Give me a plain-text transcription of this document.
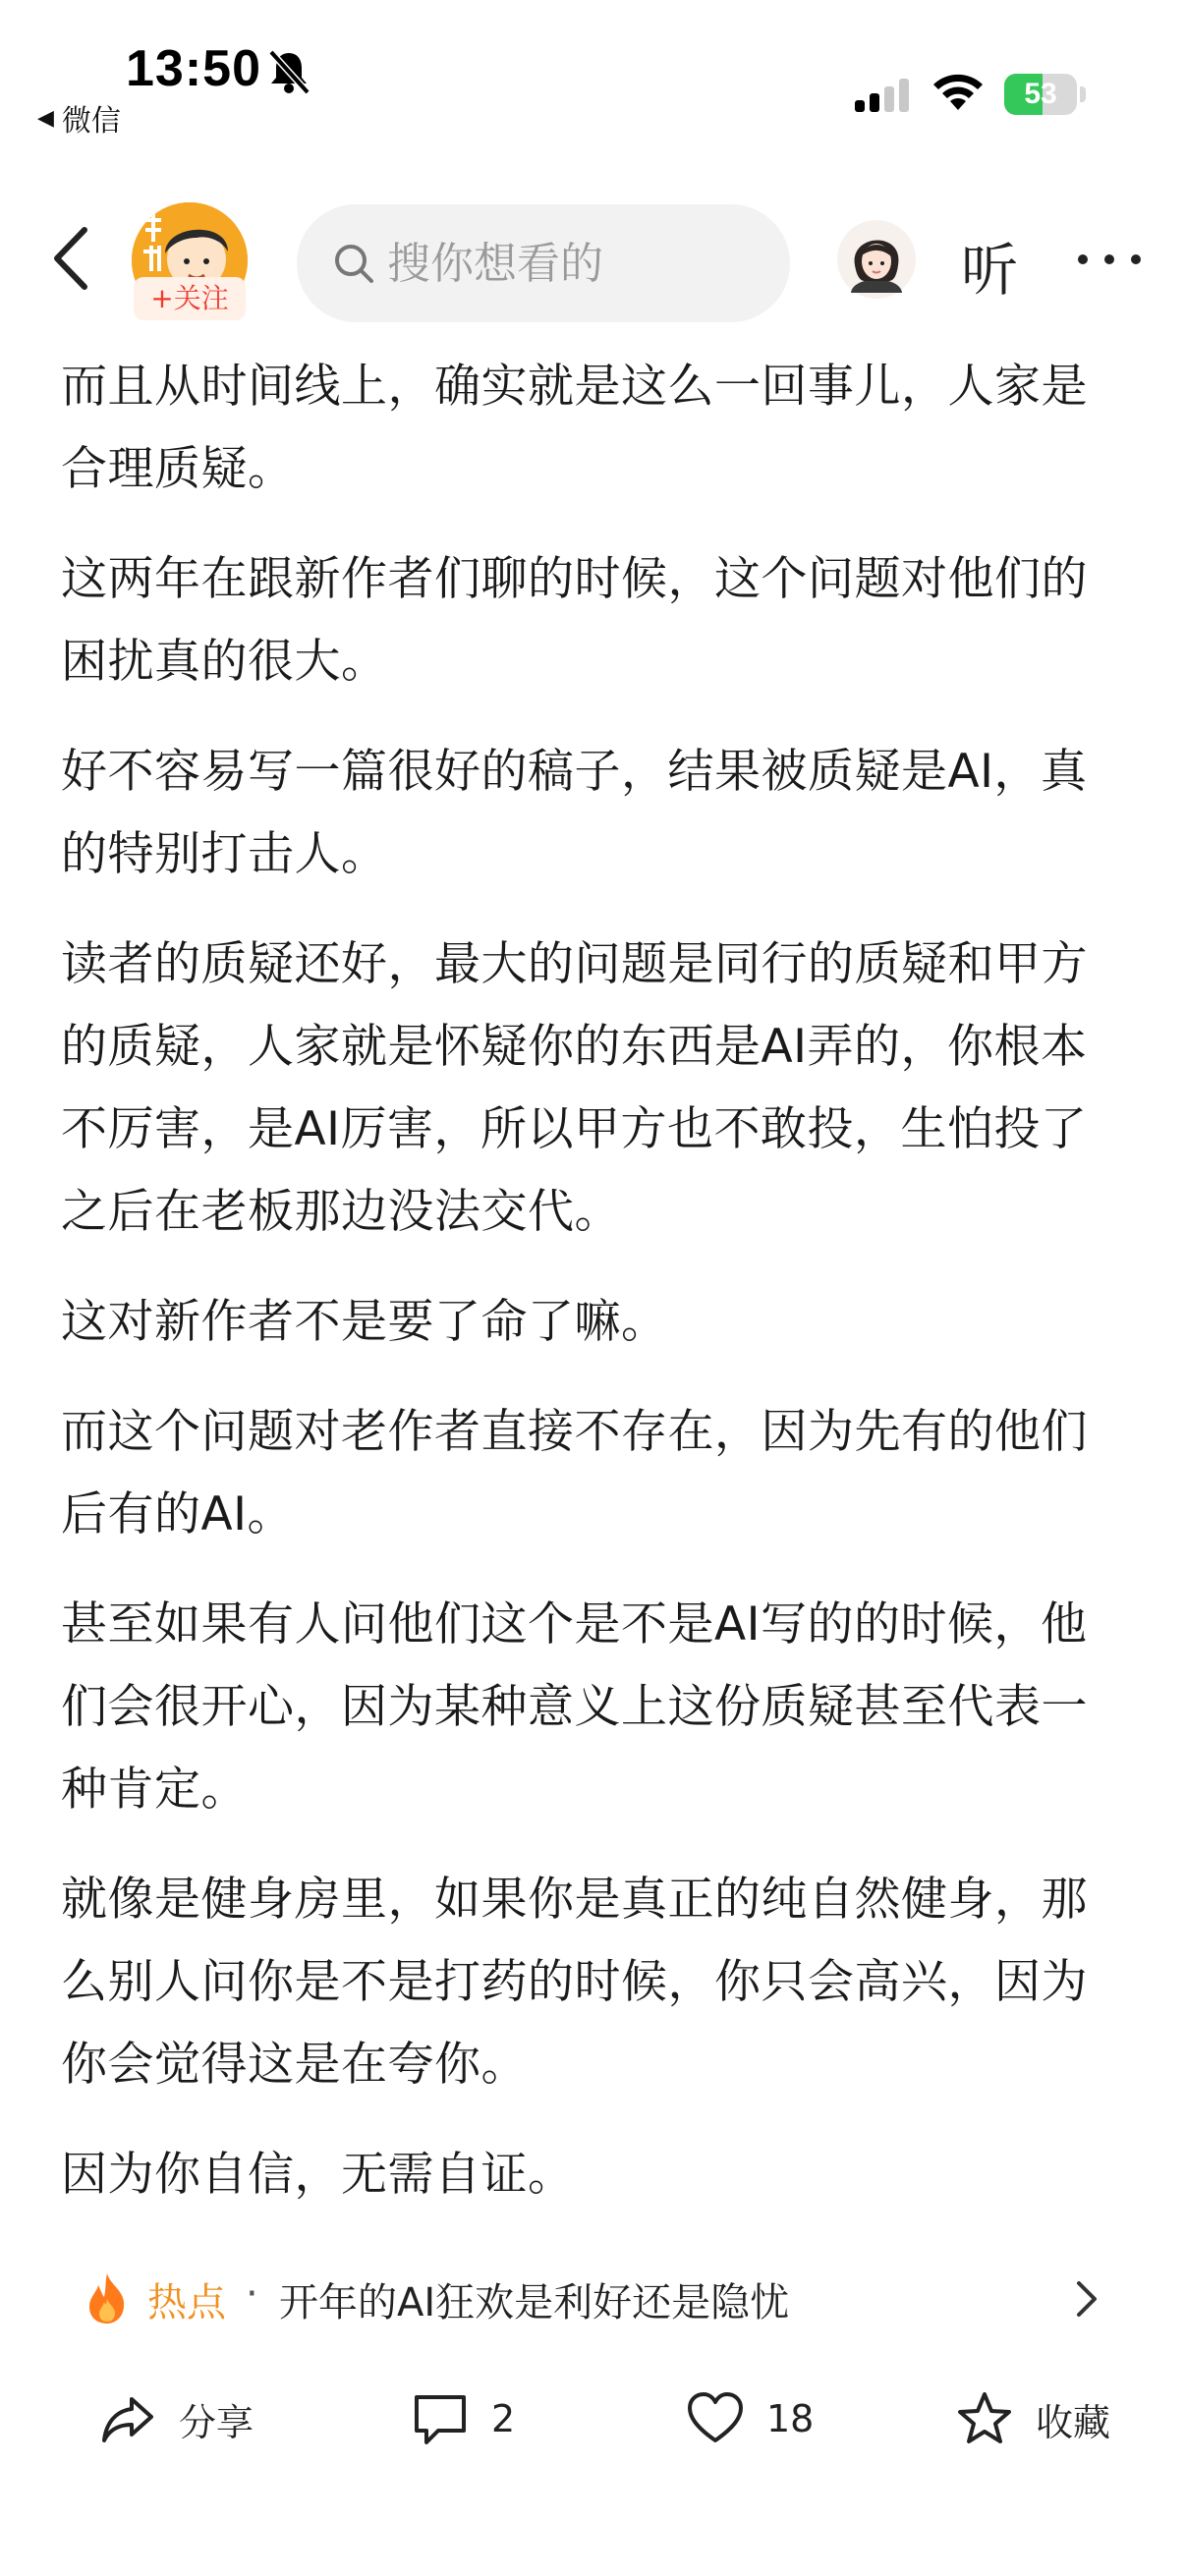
13:50
◀ 微信
53
+关注
搜你想看的	听

而且从时间线上，确实就是这么一回事儿，人家是合理质疑。

这两年在跟新作者们聊的时候，这个问题对他们的困扰真的很大。

好不容易写一篇很好的稿子，结果被质疑是AI，真的特别打击人。

读者的质疑还好，最大的问题是同行的质疑和甲方的质疑，人家就是怀疑你的东西是AI弄的，你根本不厉害，是AI厉害，所以甲方也不敢投，生怕投了之后在老板那边没法交代。

这对新作者不是要了命了嘛。

而这个问题对老作者直接不存在，因为先有的他们后有的AI。

甚至如果有人问他们这个是不是AI写的的时候，他们会很开心，因为某种意义上这份质疑甚至代表一种肯定。

就像是健身房里，如果你是真正的纯自然健身，那么别人问你是不是打药的时候，你只会高兴，因为你会觉得这是在夸你。

因为你自信，无需自证。

热点 · 开年的AI狂欢是利好还是隐忧
分享	2	18	收藏
